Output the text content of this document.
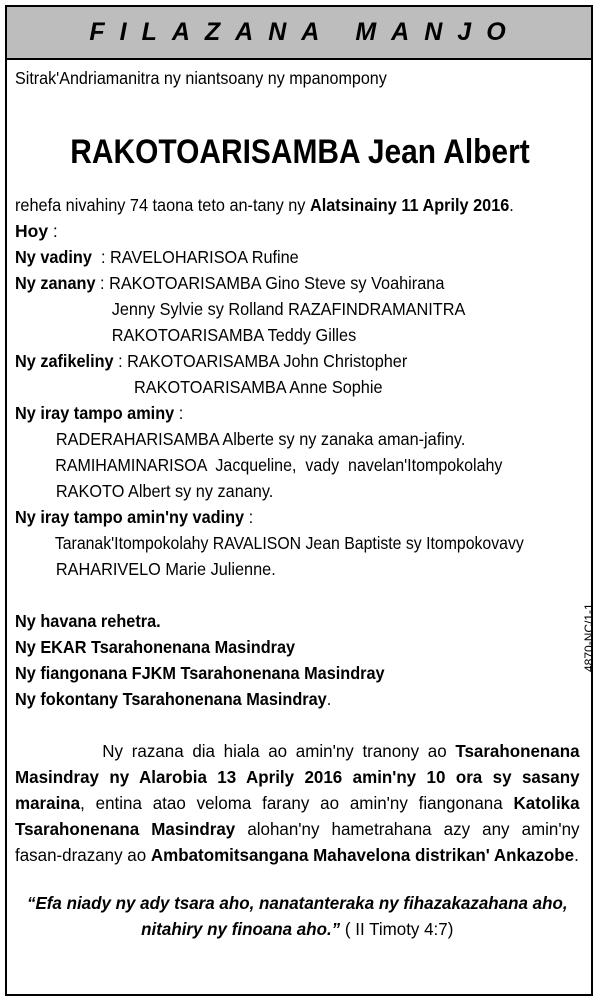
FILAZANA MANJO
Sitrak'Andriamanitra ny niantsoany ny mpanompony
RAKOTOARISAMBA Jean Albert
rehefa nivahiny 74 taona teto an-tany ny Alatsinainy 11 Aprily 2016.
Hoy :
Ny vadiny  : RAVELOHARISOA Rufine
Ny zanany : RAKOTOARISAMBA Gino Steve sy Voahirana
Jenny Sylvie sy Rolland RAZAFINDRAMANITRA
RAKOTOARISAMBA Teddy Gilles
Ny zafikeliny : RAKOTOARISAMBA John Christopher
RAKOTOARISAMBA Anne Sophie
Ny iray tampo aminy :
RADERAHARISAMBA Alberte sy ny zanaka aman-jafiny.
RAMIHAMINARISOA  Jacqueline,  vady  navelan'Itompokolahy
RAKOTO Albert sy ny zanany.
Ny iray tampo amin'ny vadiny :
Taranak'Itompokolahy RAVALISON Jean Baptiste sy Itompokovavy
RAHARIVELO Marie Julienne.
Ny havana rehetra.
Ny EKAR Tsarahonenana Masindray
Ny fiangonana FJKM Tsarahonenana Masindray
Ny fokontany Tsarahonenana Masindray.
Ny razana dia hiala ao amin'ny tranony ao Tsarahonenana Masindray ny Alarobia 13 Aprily 2016 amin'ny 10 ora sy sasany maraina, entina atao veloma farany ao amin'ny fiangonana Katolika Tsarahonenana Masindray alohan'ny hametrahana azy any amin'ny fasan-drazany ao Ambatomitsangana Mahavelona distrikan' Ankazobe.
“Efa niady ny ady tsara aho, nanatanteraka ny fihazakazahana aho, nitahiry ny finoana aho.” ( II Timoty 4:7)
4870-NC/1-1
